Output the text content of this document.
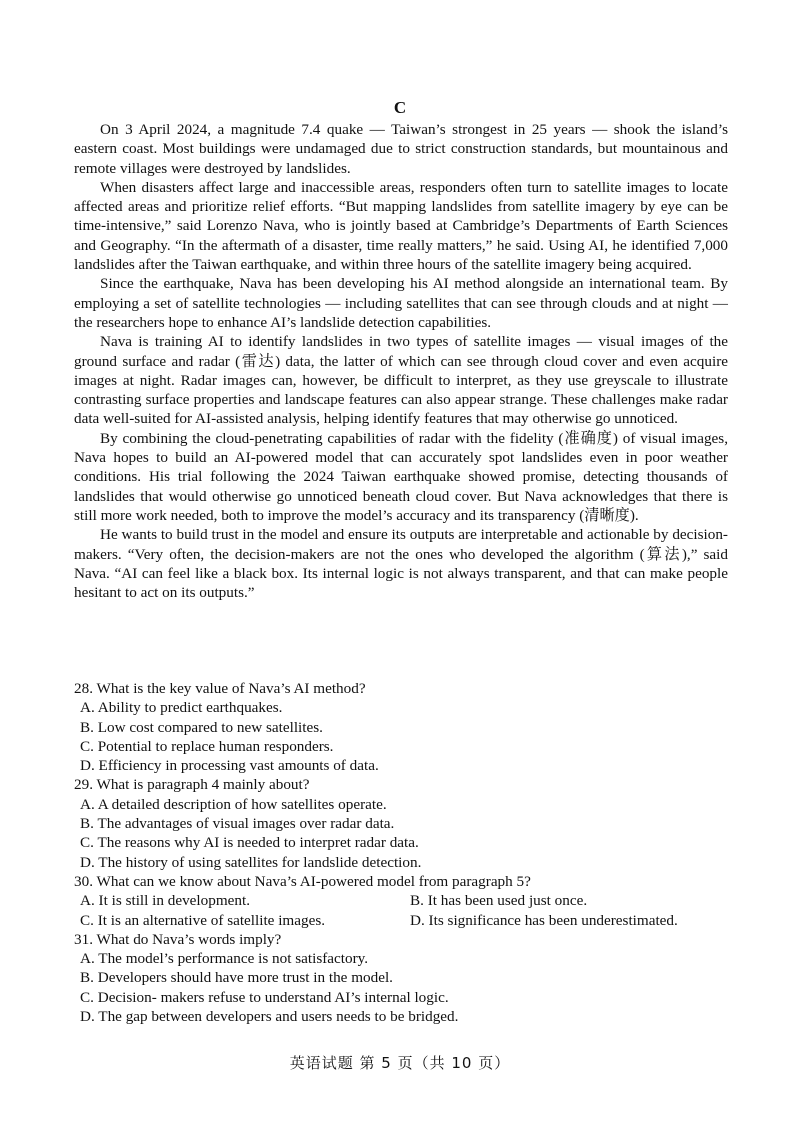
C

On 3 April 2024, a magnitude 7.4 quake — Taiwan’s strongest in 25 years — shook the island’s eastern coast. Most buildings were undamaged due to strict construction standards, but mountainous and remote villages were destroyed by landslides.

When disasters affect large and inaccessible areas, responders often turn to satellite images to locate affected areas and prioritize relief efforts. “But mapping landslides from satellite imagery by eye can be time-intensive,” said Lorenzo Nava, who is jointly based at Cambridge’s Departments of Earth Sciences and Geography. “In the aftermath of a disaster, time really matters,” he said. Using AI, he identified 7,000 landslides after the Taiwan earthquake, and within three hours of the satellite imagery being acquired.

Since the earthquake, Nava has been developing his AI method alongside an international team. By employing a set of satellite technologies — including satellites that can see through clouds and at night — the researchers hope to enhance AI’s landslide detection capabilities.

Nava is training AI to identify landslides in two types of satellite images — visual images of the ground surface and radar (雷达) data, the latter of which can see through cloud cover and even acquire images at night. Radar images can, however, be difficult to interpret, as they use greyscale to illustrate contrasting surface properties and landscape features can also appear strange. These challenges make radar data well-suited for AI-assisted analysis, helping identify features that may otherwise go unnoticed.

By combining the cloud-penetrating capabilities of radar with the fidelity (准确度) of visual images, Nava hopes to build an AI-powered model that can accurately spot landslides even in poor weather conditions. His trial following the 2024 Taiwan earthquake showed promise, detecting thousands of landslides that would otherwise go unnoticed beneath cloud cover. But Nava acknowledges that there is still more work needed, both to improve the model’s accuracy and its transparency (清晰度).

He wants to build trust in the model and ensure its outputs are interpretable and actionable by decision-makers. “Very often, the decision-makers are not the ones who developed the algorithm (算法),” said Nava. “AI can feel like a black box. Its internal logic is not always transparent, and that can make people hesitant to act on its outputs.”

28. What is the key value of Nava’s AI method?

A. Ability to predict earthquakes.

B. Low cost compared to new satellites.

C. Potential to replace human responders.

D. Efficiency in processing vast amounts of data.

29. What is paragraph 4 mainly about?

A. A detailed description of how satellites operate.

B. The advantages of visual images over radar data.

C. The reasons why AI is needed to interpret radar data.

D. The history of using satellites for landslide detection.

30. What can we know about Nava’s AI-powered model from paragraph 5?

A. It is still in development.	B. It has been used just once.
C. It is an alternative of satellite images.	D. Its significance has been underestimated.

31. What do Nava’s words imply?

A. The model’s performance is not satisfactory.

B. Developers should have more trust in the model.

C. Decision- makers refuse to understand AI’s internal logic.

D. The gap between developers and users needs to be bridged.

英语试题 第 5 页（共 10 页）
